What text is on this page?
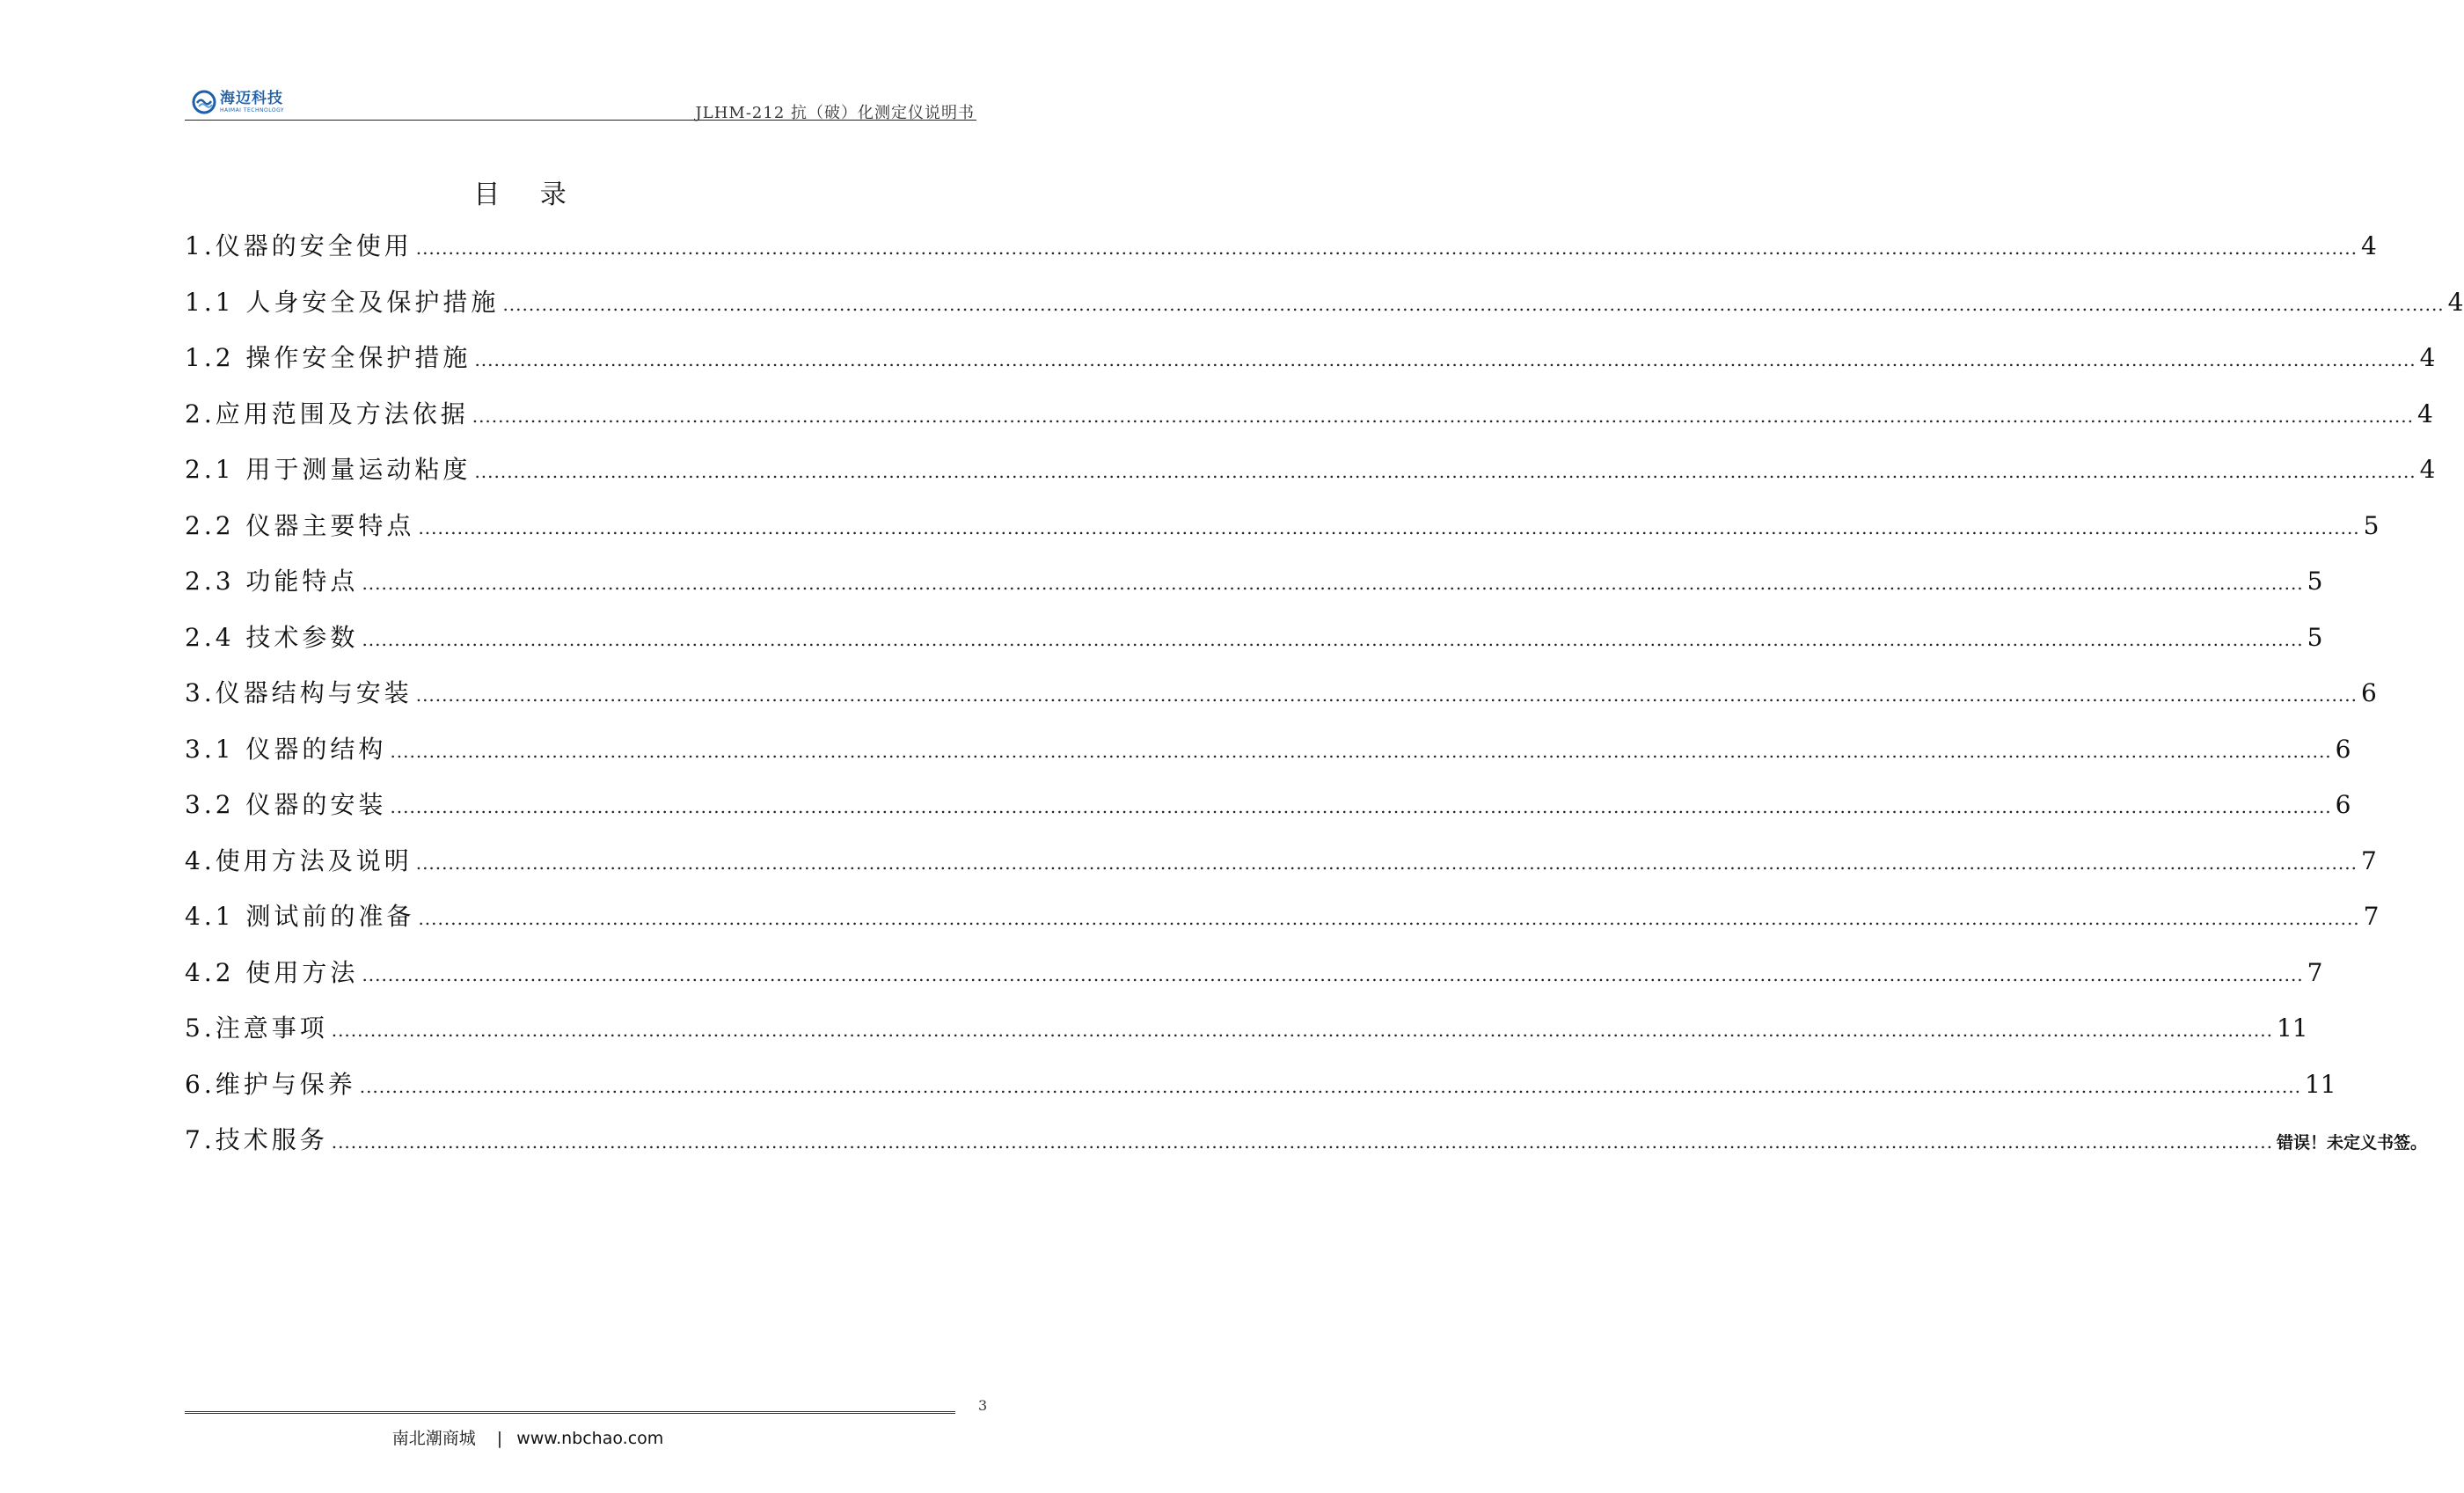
海迈科技
HAIMAI TECHNOLOGY	JLHM-212 抗（破）化测定仪说明书
目 录
1.仪器的安全使用 ............................................................................................................................................................................................................................................................................................................ 4
1.1 人身安全及保护措施 ............................................................................................................................................................................................................................................................................................................ 4
1.2 操作安全保护措施 ............................................................................................................................................................................................................................................................................................................ 4
2.应用范围及方法依据 ............................................................................................................................................................................................................................................................................................................ 4
2.1 用于测量运动粘度 ............................................................................................................................................................................................................................................................................................................ 4
2.2 仪器主要特点 ............................................................................................................................................................................................................................................................................................................ 5
2.3 功能特点 ............................................................................................................................................................................................................................................................................................................ 5
2.4 技术参数 ............................................................................................................................................................................................................................................................................................................ 5
3.仪器结构与安装 ............................................................................................................................................................................................................................................................................................................ 6
3.1 仪器的结构 ............................................................................................................................................................................................................................................................................................................ 6
3.2 仪器的安装 ............................................................................................................................................................................................................................................................................................................ 6
4.使用方法及说明 ............................................................................................................................................................................................................................................................................................................ 7
4.1 测试前的准备 ............................................................................................................................................................................................................................................................................................................ 7
4.2 使用方法 ............................................................................................................................................................................................................................................................................................................ 7
5.注意事项 ............................................................................................................................................................................................................................................................................................................ 11
6.维护与保养 ............................................................................................................................................................................................................................................................................................................ 11
7.技术服务 ............................................................................................................................................................................................................................................................................................................ 错误！未定义书签。
3
南北潮商城 | www.nbchao.com
